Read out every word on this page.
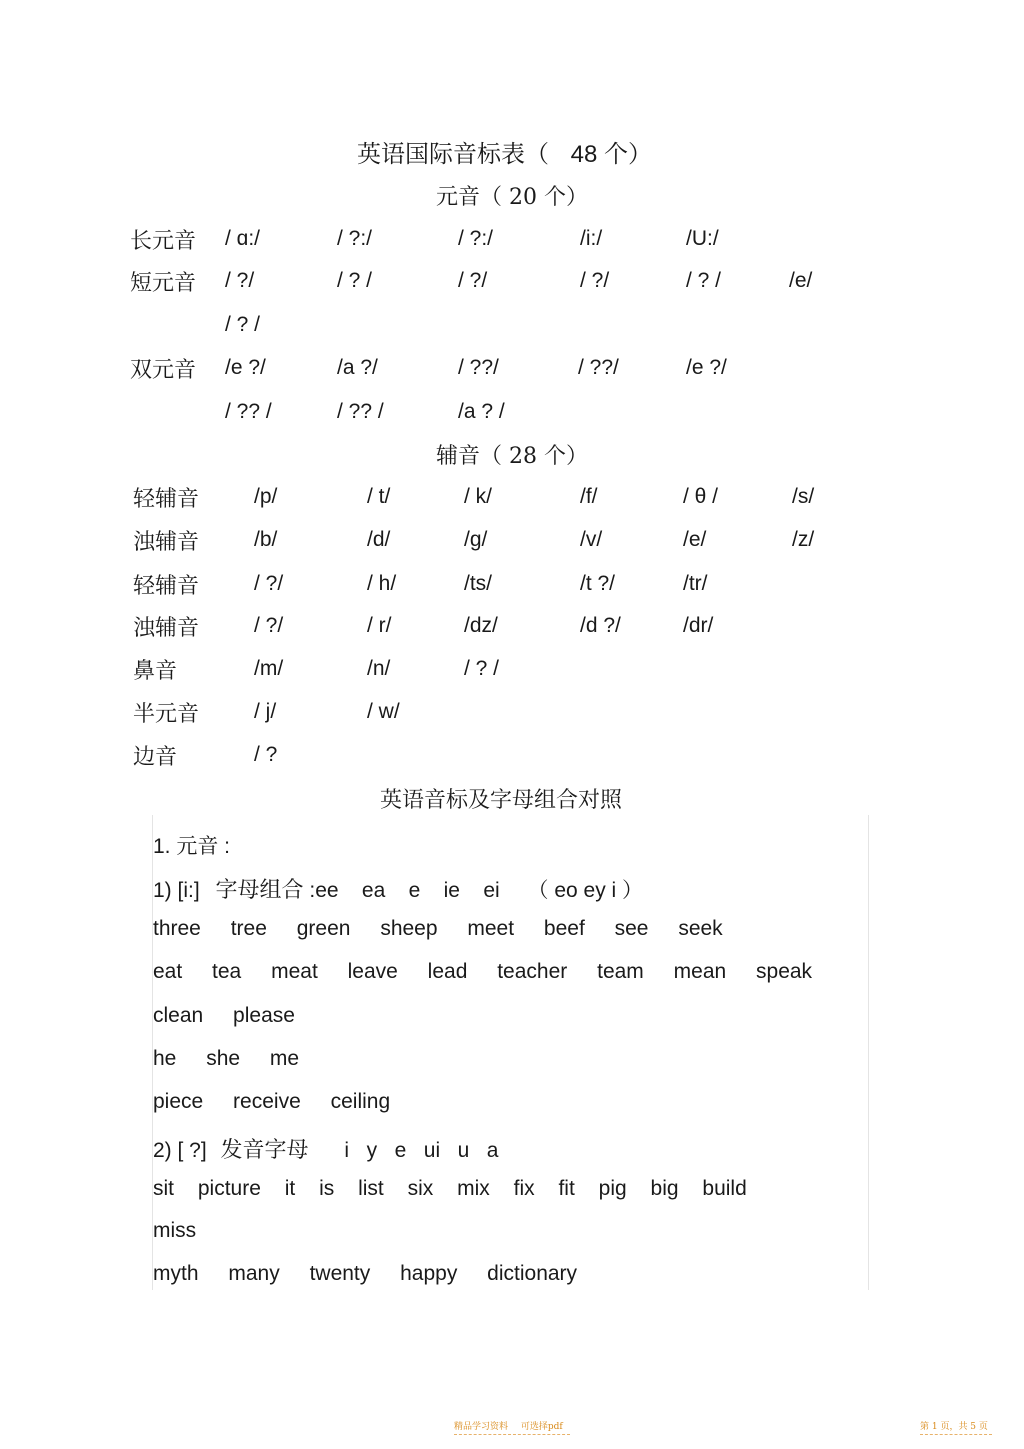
英语国际音标表（ 48 个）
元音（ 20 个）
长元音 / ɑ:/	/ ?:/	/ ?:/	/i:/	/U:/
短元音 / ?/	/ ? /	/ ?/	/ ?/	/ ? /	/e/
/ ? /
双元音 /e ?/	/a ?/	/ ??/	/ ??/	/e ?/
/ ?? /	/ ?? /	/a ? /
辅音（ 28 个）
轻辅音	/p/	/ t/	/ k/	/f/	/ θ /	/s/
浊辅音	/b/	/d/	/g/	/v/	/e/	/z/
轻辅音	/ ?/	/ h/	/ts/	/t ?/	/tr/
浊辅音	/ ?/	/ r/	/dz/	/d ?/	/dr/
鼻音	/m/	/n/	/ ? /
半元音	/ j/	/ w/
边音	/ ?
英语音标及字母组合对照
1. 元音 :
1) [i:] 字母组合 :ee    ea    e    ie    ei （ eo ey i ）
three tree green sheep meet beef see seek
eat tea meat leave lead teacher team mean speak
clean please
he she me
piece receive ceiling
2) [ ?] 发音字母 i   y   e   ui   u   a
sit picture it is list six mix fix fit pig big build
miss
myth many twenty happy dictionary
精品学习资料 可选择pdf	第 1 页，共 5 页
